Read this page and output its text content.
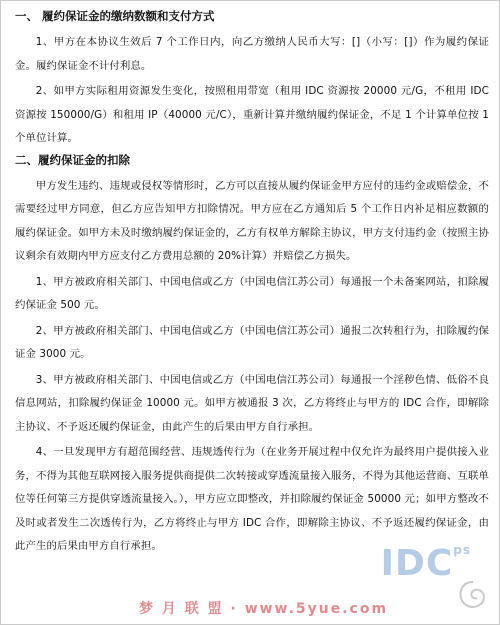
一、 履约保证金的缴纳数额和支付方式

1、甲方在本协议生效后 7 个工作日内，向乙方缴纳人民币大写：[]（小写：[]）作为履约保证金。履约保证金不计付利息。

2、如甲方实际租用资源发生变化，按照租用带宽（租用 IDC 资源按 20000 元/G，不租用 IDC 资源按 150000/G）和租用 IP（40000 元/C），重新计算并缴纳履约保证金，不足 1 个计算单位按 1 个单位计算。

二、履约保证金的扣除

甲方发生违约、违规或侵权等情形时，乙方可以直接从履约保证金甲方应付的违约金或赔偿金，不需要经过甲方同意，但乙方应告知甲方扣除情况。甲方应在乙方通知后 5 个工作日内补足相应数额的履约保证金。如甲方未及时缴纳履约保证金的，乙方有权单方解除主协议，甲方支付违约金（按照主协议剩余有效期内甲方应支付乙方费用总额的 20%计算）并赔偿乙方损失。

1、甲方被政府相关部门、中国电信或乙方（中国电信江苏公司）每通报一个未备案网站，扣除履约保证金 500 元。

2、甲方被政府相关部门、中国电信或乙方（中国电信江苏公司）通报二次转租行为，扣除履约保证金 3000 元。

3、甲方被政府相关部门、中国电信或乙方（中国电信江苏公司）每通报一个淫秽色情、低俗不良信息网站，扣除履约保证金 10000 元。如甲方被通报 3 次，乙方将终止与甲方的 IDC 合作，即解除主协议、不予返还履约保证金，由此产生的后果由甲方自行承担。

4、一旦发现甲方有超范围经营、违规透传行为（在业务开展过程中仅允许为最终用户提供接入业务，不得为其他互联网接入服务提供商提供二次转接或穿透流量接入服务，不得为其他运营商、互联单位等任何第三方提供穿透流量接入。），甲方应立即整改，并扣除履约保证金 50000 元；如甲方整改不及时或者发生二次透传行为，乙方将终止与甲方 IDC 合作，即解除主协议、不予返还履约保证金，由此产生的后果由甲方自行承担。	$IDC^{ps}$
梦 月 联 盟 · www.5yue.com
